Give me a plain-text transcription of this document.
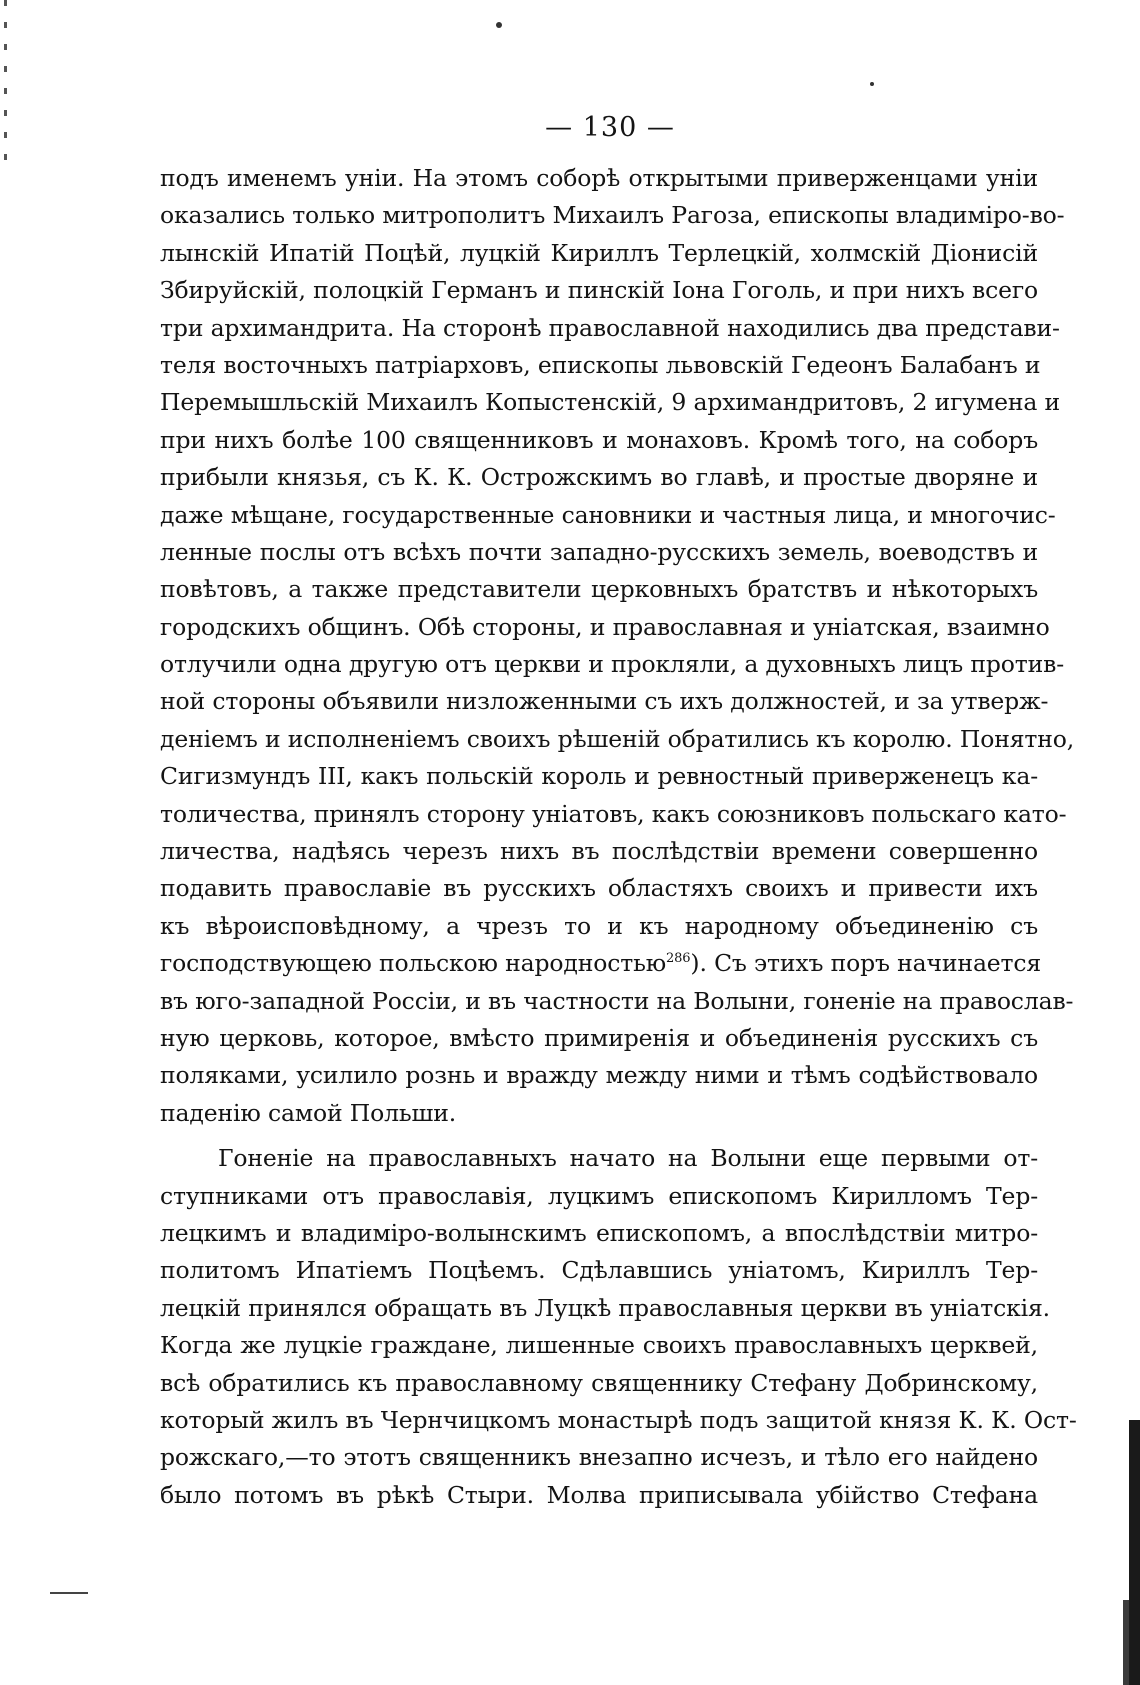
— 130 —
подъ именемъ уніи. На этомъ соборѣ открытыми приверженцами уніи
оказались только митрополитъ Михаилъ Рагоза, епископы владиміро-во-
лынскій Ипатій Поцѣй, луцкій Кириллъ Терлецкій, холмскій Діонисій
Збируйскій, полоцкій Германъ и пинскій Іона Гоголь, и при нихъ всего
три архимандрита. На сторонѣ православной находились два представи-
теля восточныхъ патріарховъ, епископы львовскій Гедеонъ Балабанъ и
Перемышльскій Михаилъ Копыстенскій, 9 архимандритовъ, 2 игумена и
при нихъ болѣе 100 священниковъ и монаховъ. Кромѣ того, на соборъ
прибыли князья, съ К. К. Острожскимъ во главѣ, и простые дворяне и
даже мѣщане, государственные сановники и частныя лица, и многочис-
ленные послы отъ всѣхъ почти западно-русскихъ земель, воеводствъ и
повѣтовъ, а также представители церковныхъ братствъ и нѣкоторыхъ
городскихъ общинъ. Обѣ стороны, и православная и уніатская, взаимно
отлучили одна другую отъ церкви и прокляли, а духовныхъ лицъ против-
ной стороны объявили низложенными съ ихъ должностей, и за утверж-
деніемъ и исполненіемъ своихъ рѣшеній обратились къ королю. Понятно,
Сигизмундъ III, какъ польскій король и ревностный приверженецъ ка-
толичества, принялъ сторону уніатовъ, какъ союзниковъ польскаго като-
личества, надѣясь черезъ нихъ въ послѣдствіи времени совершенно
подавить православіе въ русскихъ областяхъ своихъ и привести ихъ
къ вѣроисповѣдному, а чрезъ то и къ народному объединенію съ
господствующею польскою народностью$^{286}$). Съ этихъ поръ начинается
въ юго-западной Россіи, и въ частности на Волыни, гоненіе на православ-
ную церковь, которое, вмѣсто примиренія и объединенія русскихъ съ
поляками, усилило рознь и вражду между ними и тѣмъ содѣйствовало
паденію самой Польши.
Гоненіе на православныхъ начато на Волыни еще первыми от-
ступниками отъ православія, луцкимъ епископомъ Кирилломъ Тер-
лецкимъ и владиміро-волынскимъ епископомъ, а впослѣдствіи митро-
политомъ Ипатіемъ Поцѣемъ. Сдѣлавшись уніатомъ, Кириллъ Тер-
лецкій принялся обращать въ Луцкѣ православныя церкви въ уніатскія.
Когда же луцкіе граждане, лишенные своихъ православныхъ церквей,
всѣ обратились къ православному священнику Стефану Добринскому,
который жилъ въ Чернчицкомъ монастырѣ подъ защитой князя К. К. Ост-
рожскаго,—то этотъ священникъ внезапно исчезъ, и тѣло его найдено
было потомъ въ рѣкѣ Стыри. Молва приписывала убійство Стефана
